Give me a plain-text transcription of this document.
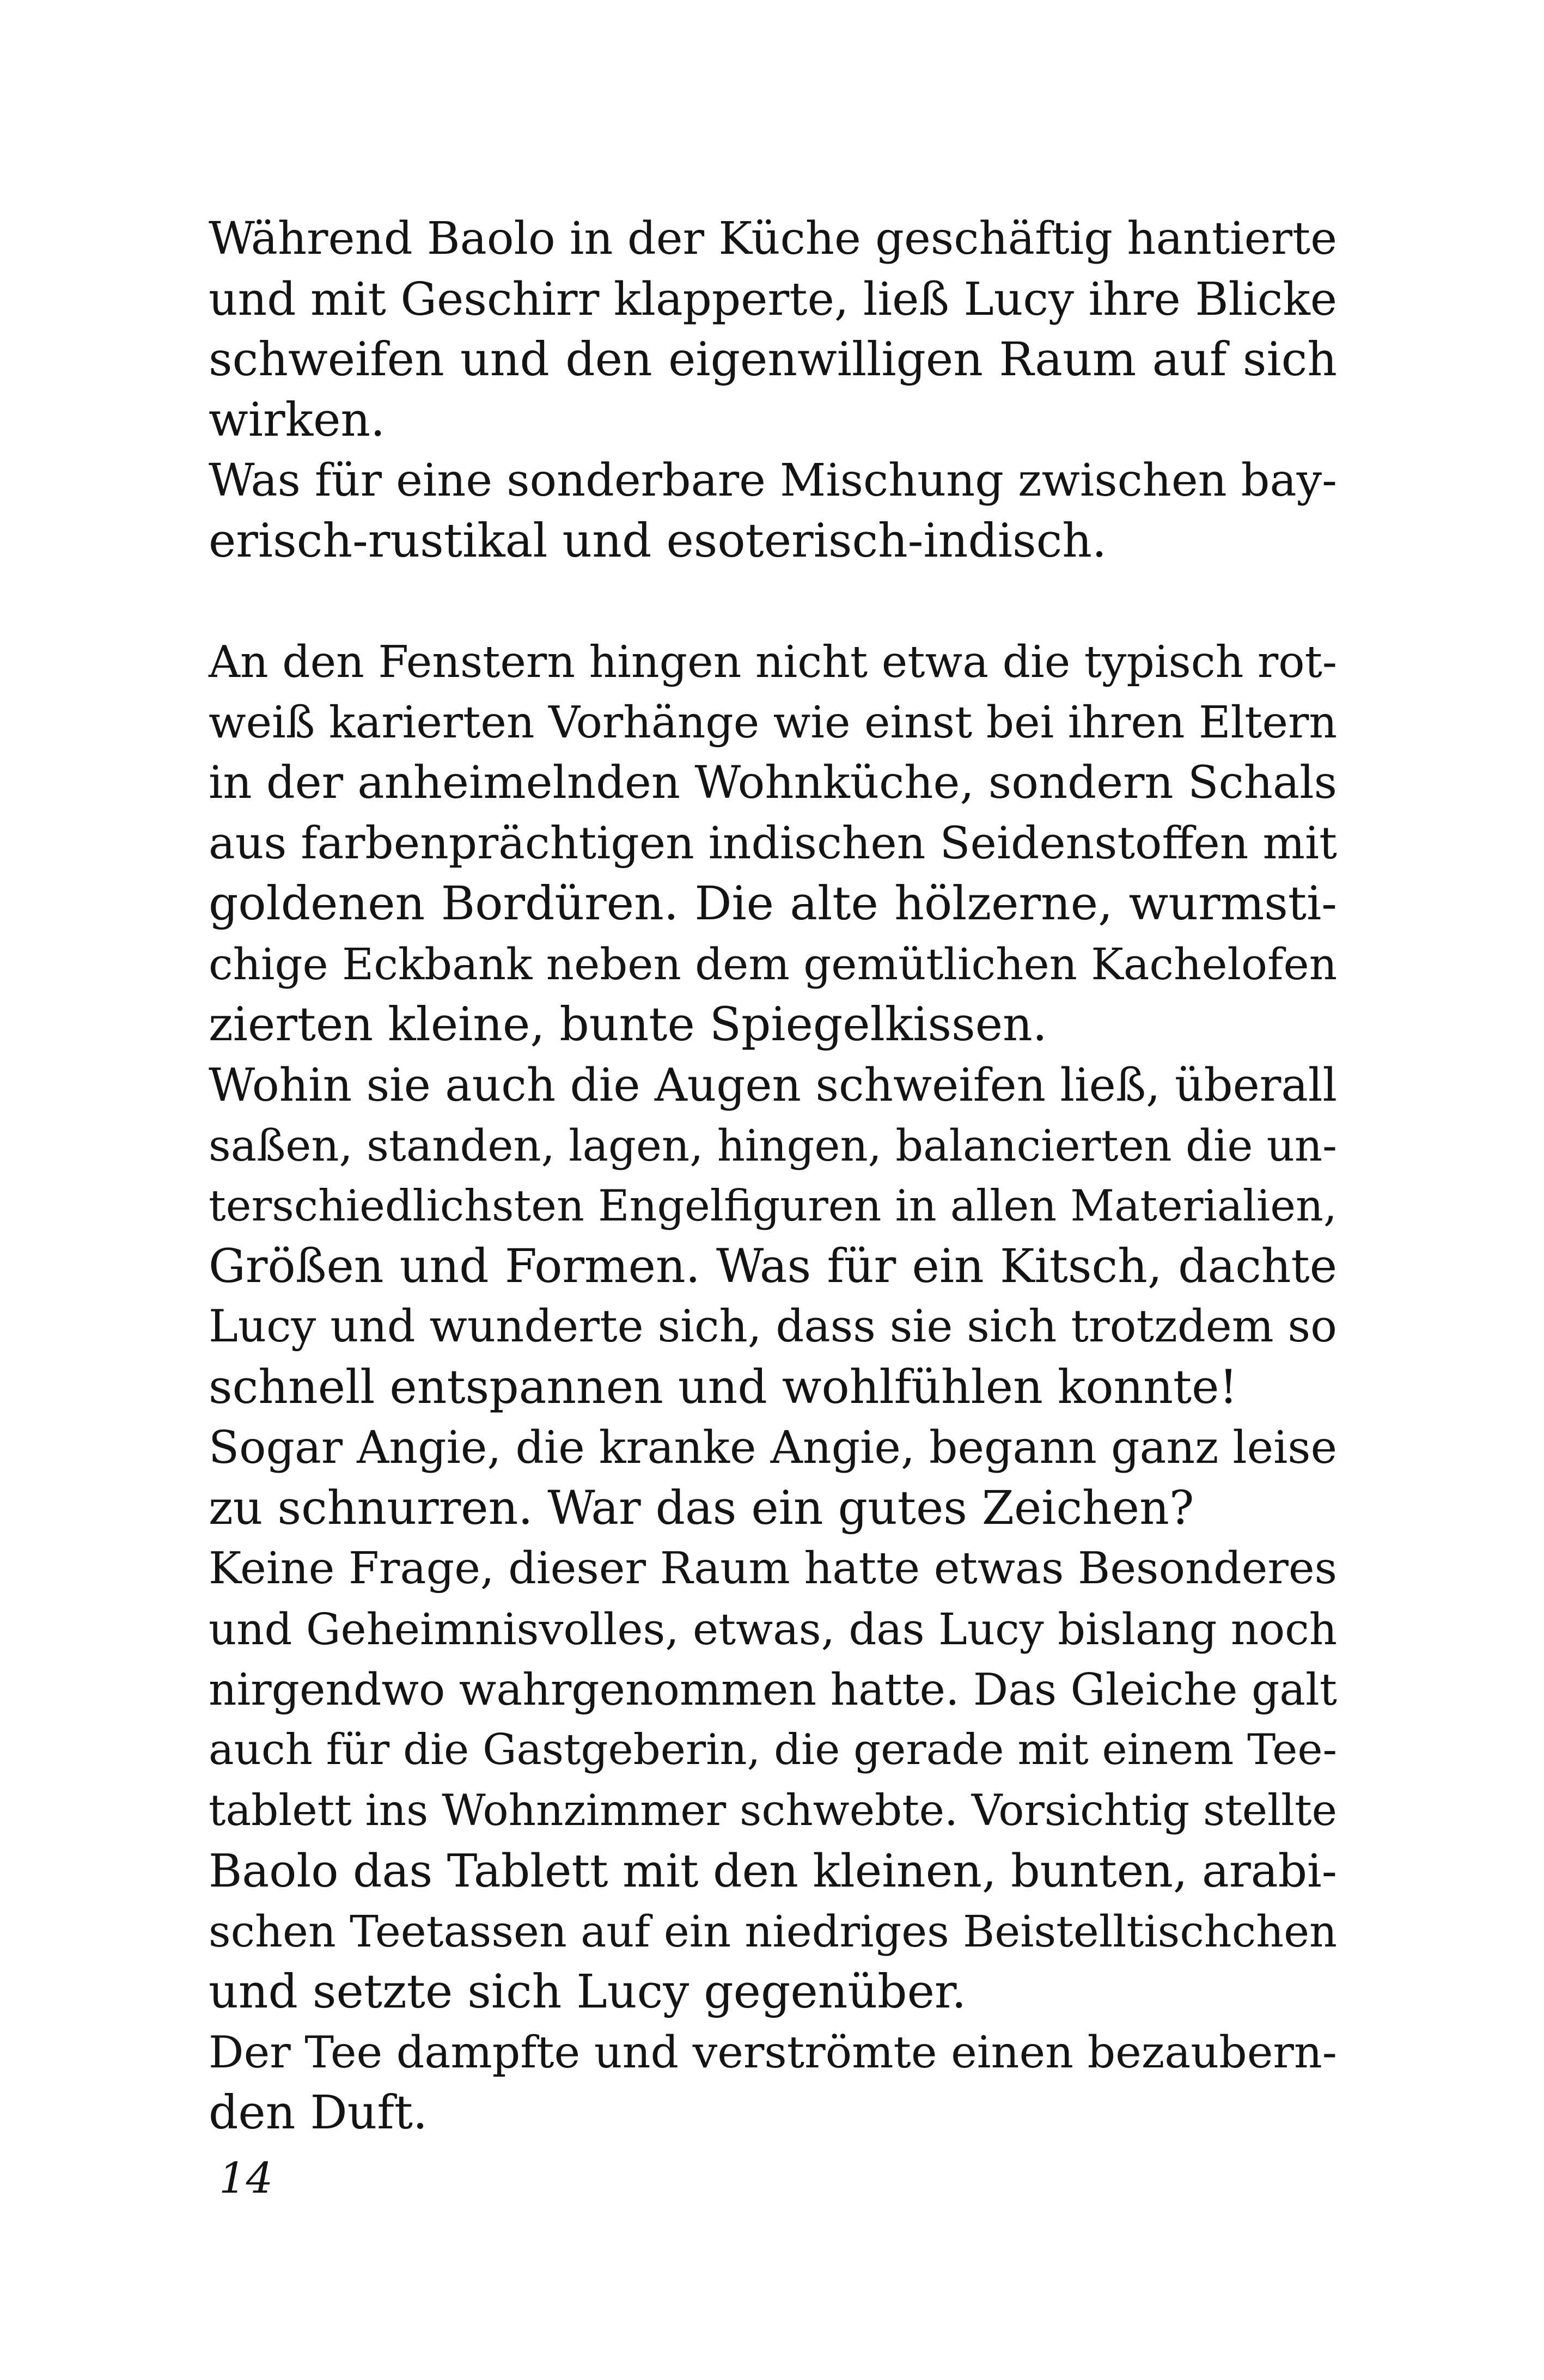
Während Baolo in der Küche geschäftig hantierte
und mit Geschirr klapperte, ließ Lucy ihre Blicke
schweifen und den eigenwilligen Raum auf sich
wirken.
Was für eine sonderbare Mischung zwischen bay-
erisch-rustikal und esoterisch-indisch.
An den Fenstern hingen nicht etwa die typisch rot-
weiß karierten Vorhänge wie einst bei ihren Eltern
in der anheimelnden Wohnküche, sondern Schals
aus farbenprächtigen indischen Seidenstoffen mit
goldenen Bordüren. Die alte hölzerne, wurmsti-
chige Eckbank neben dem gemütlichen Kachelofen
zierten kleine, bunte Spiegelkissen.
Wohin sie auch die Augen schweifen ließ, überall
saßen, standen, lagen, hingen, balancierten die un-
terschiedlichsten Engelfiguren in allen Materialien,
Größen und Formen. Was für ein Kitsch, dachte
Lucy und wunderte sich, dass sie sich trotzdem so
schnell entspannen und wohlfühlen konnte!
Sogar Angie, die kranke Angie, begann ganz leise
zu schnurren. War das ein gutes Zeichen?
Keine Frage, dieser Raum hatte etwas Besonderes
und Geheimnisvolles, etwas, das Lucy bislang noch
nirgendwo wahrgenommen hatte. Das Gleiche galt
auch für die Gastgeberin, die gerade mit einem Tee-
tablett ins Wohnzimmer schwebte. Vorsichtig stellte
Baolo das Tablett mit den kleinen, bunten, arabi-
schen Teetassen auf ein niedriges Beistelltischchen
und setzte sich Lucy gegenüber.
Der Tee dampfte und verströmte einen bezaubern-
den Duft.
14
